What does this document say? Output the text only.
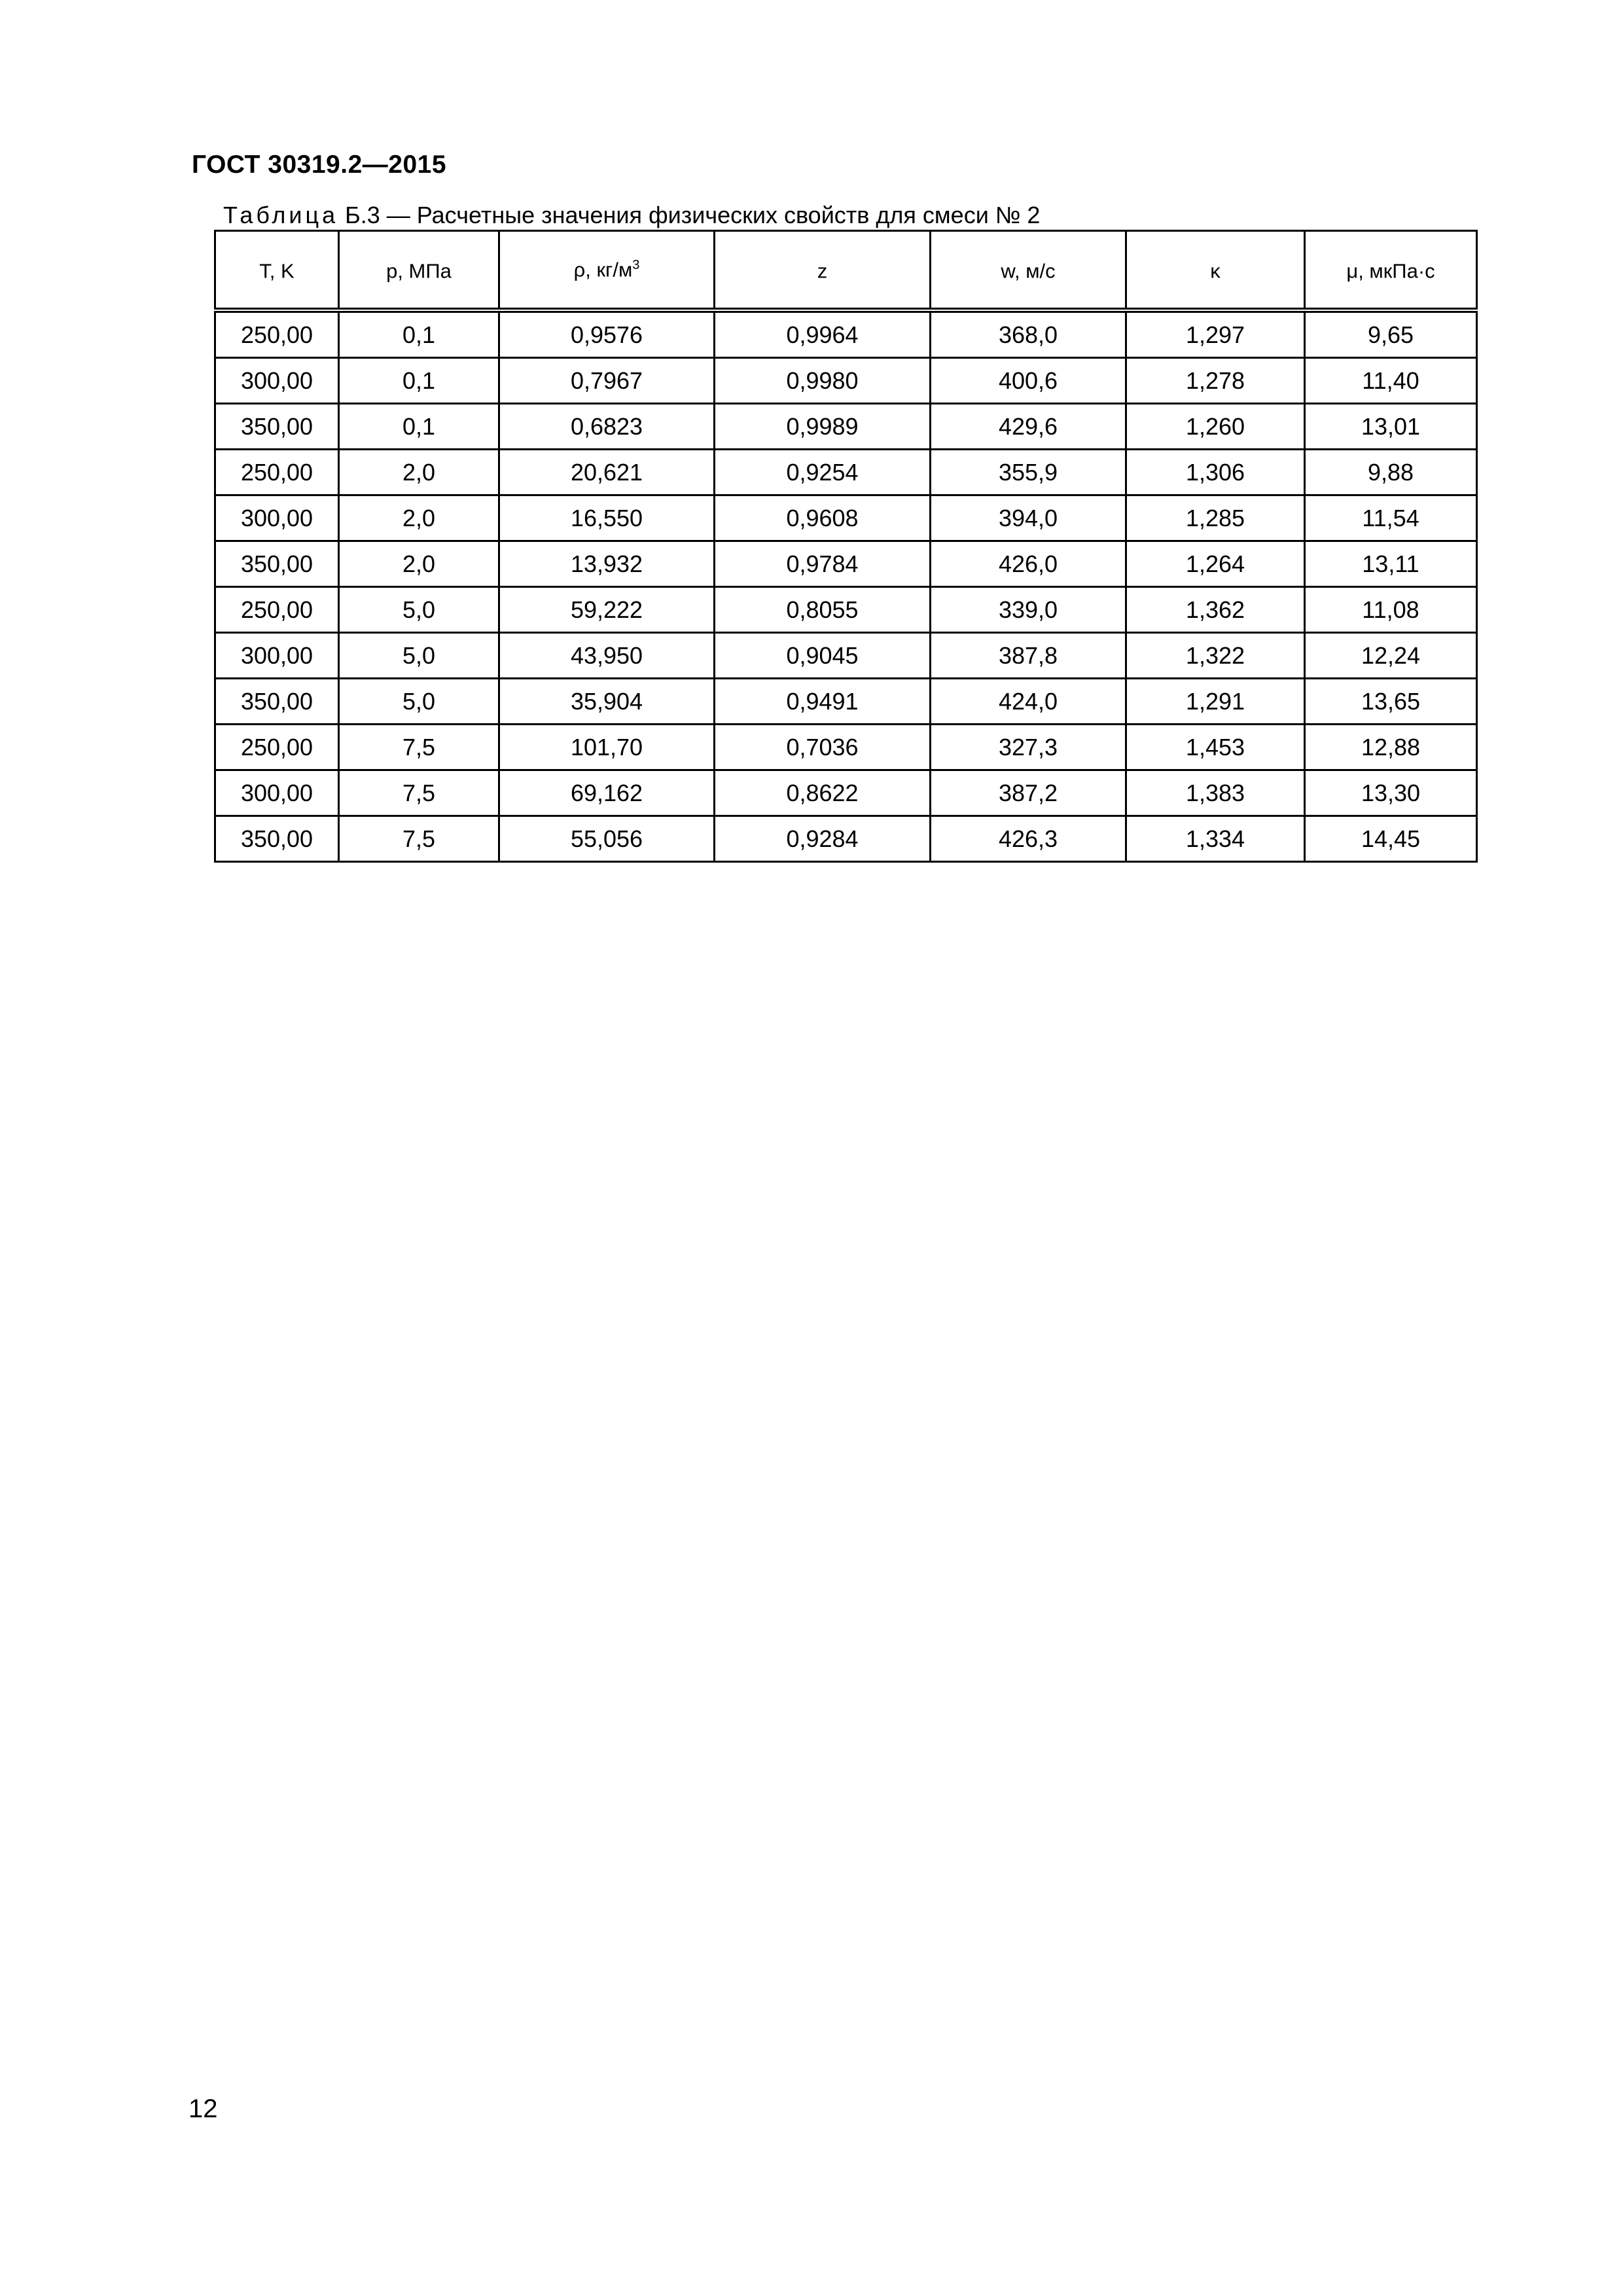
ГОСТ 30319.2—2015
Таблица Б.3 — Расчетные значения физических свойств для смеси № 2
T, K	p, МПа	ρ, $кг/м^3$	z	w, м/с	κ	μ, мкПа·с
250,00	0,1	0,9576	0,9964	368,0	1,297	9,65
300,00	0,1	0,7967	0,9980	400,6	1,278	11,40
350,00	0,1	0,6823	0,9989	429,6	1,260	13,01
250,00	2,0	20,621	0,9254	355,9	1,306	9,88
300,00	2,0	16,550	0,9608	394,0	1,285	11,54
350,00	2,0	13,932	0,9784	426,0	1,264	13,11
250,00	5,0	59,222	0,8055	339,0	1,362	11,08
300,00	5,0	43,950	0,9045	387,8	1,322	12,24
350,00	5,0	35,904	0,9491	424,0	1,291	13,65
250,00	7,5	101,70	0,7036	327,3	1,453	12,88
300,00	7,5	69,162	0,8622	387,2	1,383	13,30
350,00	7,5	55,056	0,9284	426,3	1,334	14,45
12
